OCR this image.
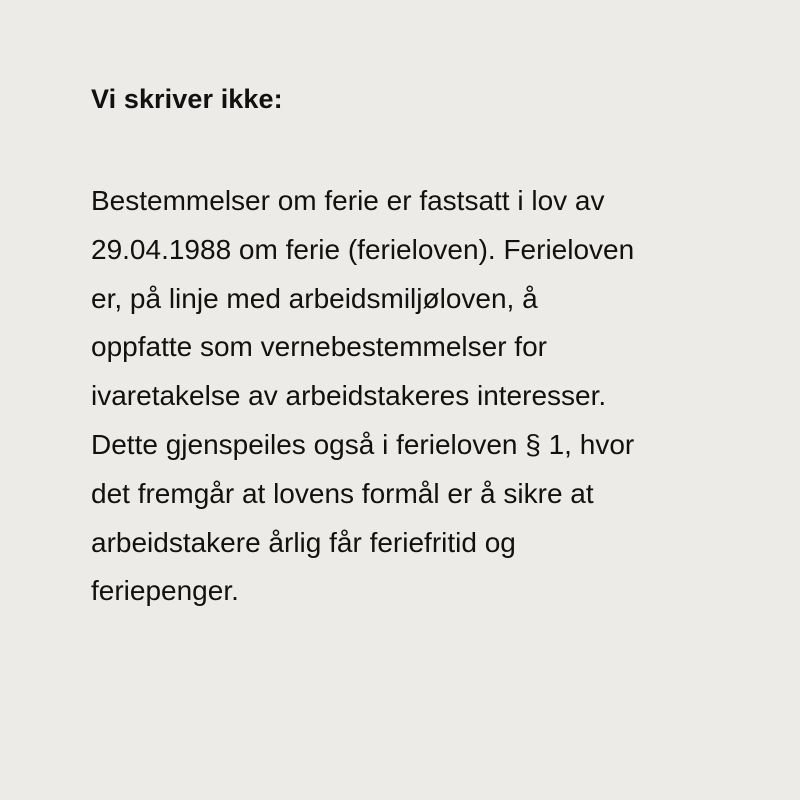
Vi skriver ikke:
Bestemmelser om ferie er fastsatt i lov av
29.04.1988 om ferie (ferieloven). Ferieloven
er, på linje med arbeidsmiljøloven, å
oppfatte som vernebestemmelser for
ivaretakelse av arbeidstakeres interesser.
Dette gjenspeiles også i ferieloven § 1, hvor
det fremgår at lovens formål er å sikre at
arbeidstakere årlig får feriefritid og
feriepenger.
